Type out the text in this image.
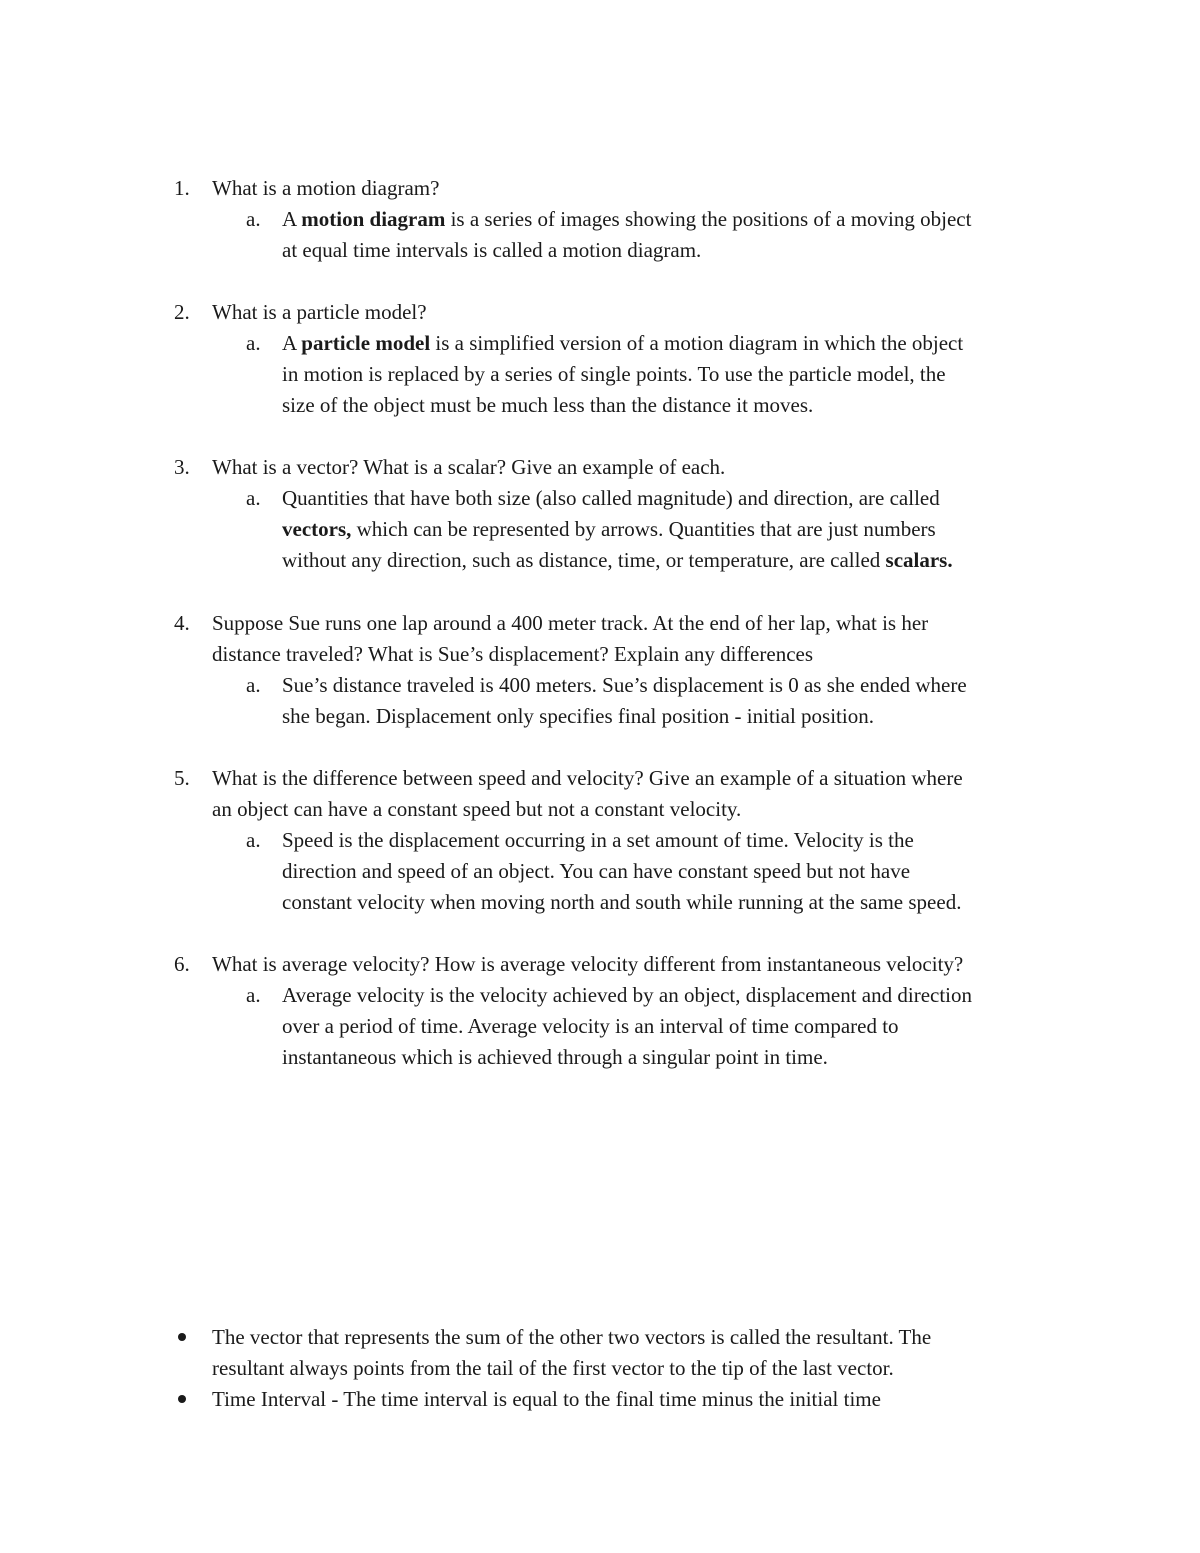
1. What is a motion diagram?
a. A motion diagram is a series of images showing the positions of a moving object
at equal time intervals is called a motion diagram.
2. What is a particle model?
a. A particle model is a simplified version of a motion diagram in which the object
in motion is replaced by a series of single points. To use the particle model, the
size of the object must be much less than the distance it moves.
3. What is a vector? What is a scalar? Give an example of each.
a. Quantities that have both size (also called magnitude) and direction, are called
vectors, which can be represented by arrows. Quantities that are just numbers
without any direction, such as distance, time, or temperature, are called scalars.
4. Suppose Sue runs one lap around a 400 meter track. At the end of her lap, what is her
distance traveled? What is Sue’s displacement? Explain any differences
a. Sue’s distance traveled is 400 meters. Sue’s displacement is 0 as she ended where
she began. Displacement only specifies final position - initial position.
5. What is the difference between speed and velocity? Give an example of a situation where
an object can have a constant speed but not a constant velocity.
a. Speed is the displacement occurring in a set amount of time. Velocity is the
direction and speed of an object. You can have constant speed but not have
constant velocity when moving north and south while running at the same speed.
6. What is average velocity? How is average velocity different from instantaneous velocity?
a. Average velocity is the velocity achieved by an object, displacement and direction
over a period of time. Average velocity is an interval of time compared to
instantaneous which is achieved through a singular point in time.
The vector that represents the sum of the other two vectors is called the resultant. The
resultant always points from the tail of the first vector to the tip of the last vector.
Time Interval - The time interval is equal to the final time minus the initial time
